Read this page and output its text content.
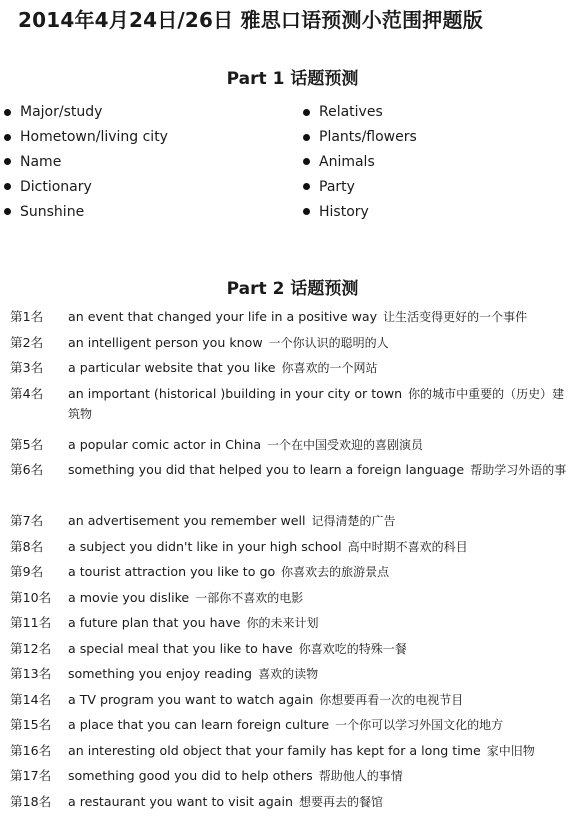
2014年4月24日/26日 雅思口语预测小范围押题版
Part 1 话题预测
Major/study
Hometown/living city
Name
Dictionary
Sunshine
Relatives
Plants/flowers
Animals
Party
History
Part 2 话题预测
第1名	an event that changed your life in a positive way 让生活变得更好的一个事件
第2名	an intelligent person you know 一个你认识的聪明的人
第3名	a particular website that you like 你喜欢的一个网站
第4名	an important (historical )building in your city or town 你的城市中重要的（历史）建筑物
第5名	a popular comic actor in China 一个在中国受欢迎的喜剧演员
第6名	something you did that helped you to learn a foreign language 帮助学习外语的事
第7名	an advertisement you remember well 记得清楚的广告
第8名	a subject you didn't like in your high school 高中时期不喜欢的科目
第9名	a tourist attraction you like to go 你喜欢去的旅游景点
第10名	a movie you dislike 一部你不喜欢的电影
第11名	a future plan that you have 你的未来计划
第12名	a special meal that you like to have 你喜欢吃的特殊一餐
第13名	something you enjoy reading 喜欢的读物
第14名	a TV program you want to watch again 你想要再看一次的电视节目
第15名	a place that you can learn foreign culture 一个你可以学习外国文化的地方
第16名	an interesting old object that your family has kept for a long time 家中旧物
第17名	something good you did to help others 帮助他人的事情
第18名	a restaurant you want to visit again 想要再去的餐馆
